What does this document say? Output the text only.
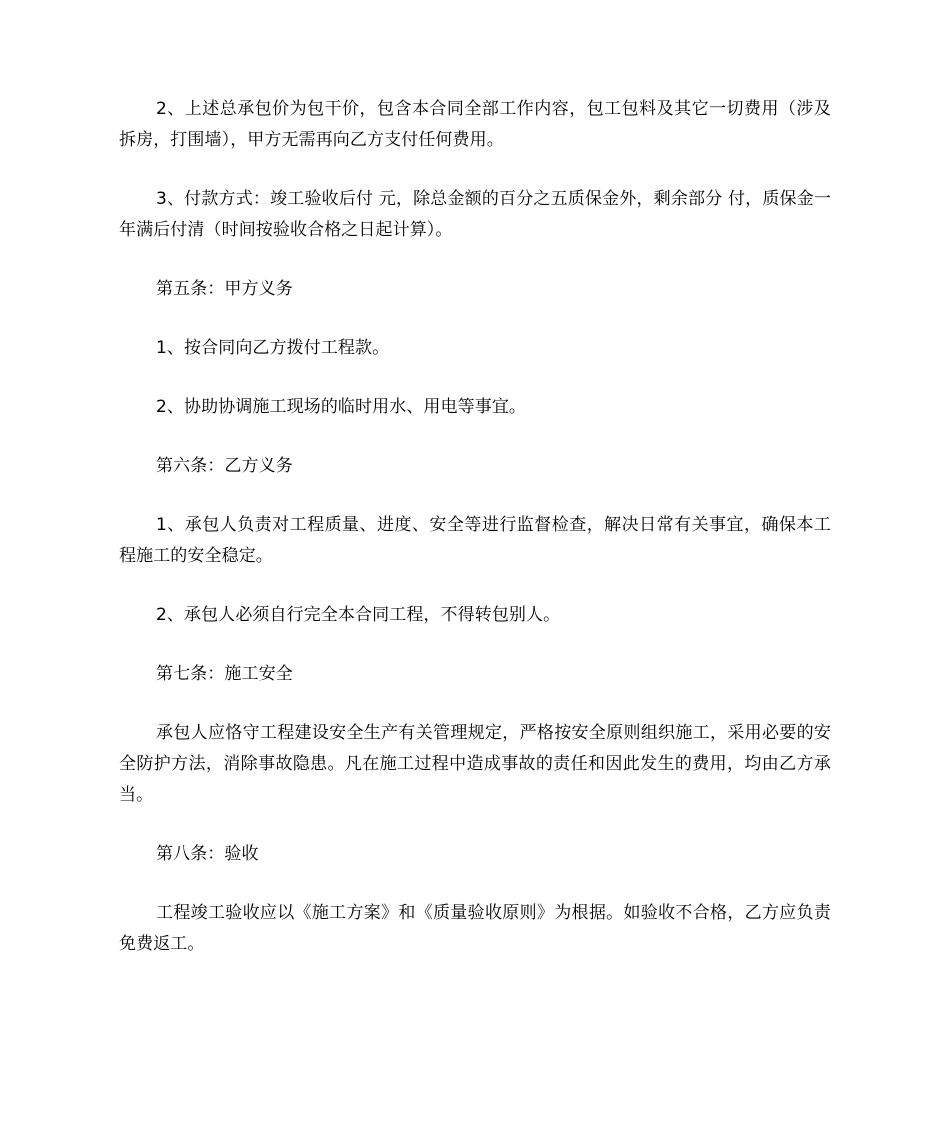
2、上述总承包价为包干价，包含本合同全部工作内容，包工包料及其它一切费用（涉及拆房，打围墙），甲方无需再向乙方支付任何费用。

3、付款方式：竣工验收后付 元，除总金额的百分之五质保金外，剩余部分 付，质保金一年满后付清（时间按验收合格之日起计算）。

第五条：甲方义务

1、按合同向乙方拨付工程款。

2、协助协调施工现场的临时用水、用电等事宜。

第六条：乙方义务

1、承包人负责对工程质量、进度、安全等进行监督检查，解决日常有关事宜，确保本工程施工的安全稳定。

2、承包人必须自行完全本合同工程，不得转包别人。

第七条：施工安全

承包人应恪守工程建设安全生产有关管理规定，严格按安全原则组织施工，采用必要的安全防护方法，消除事故隐患。凡在施工过程中造成事故的责任和因此发生的费用，均由乙方承当。

第八条：验收

工程竣工验收应以《施工方案》和《质量验收原则》为根据。如验收不合格，乙方应负责免费返工。
